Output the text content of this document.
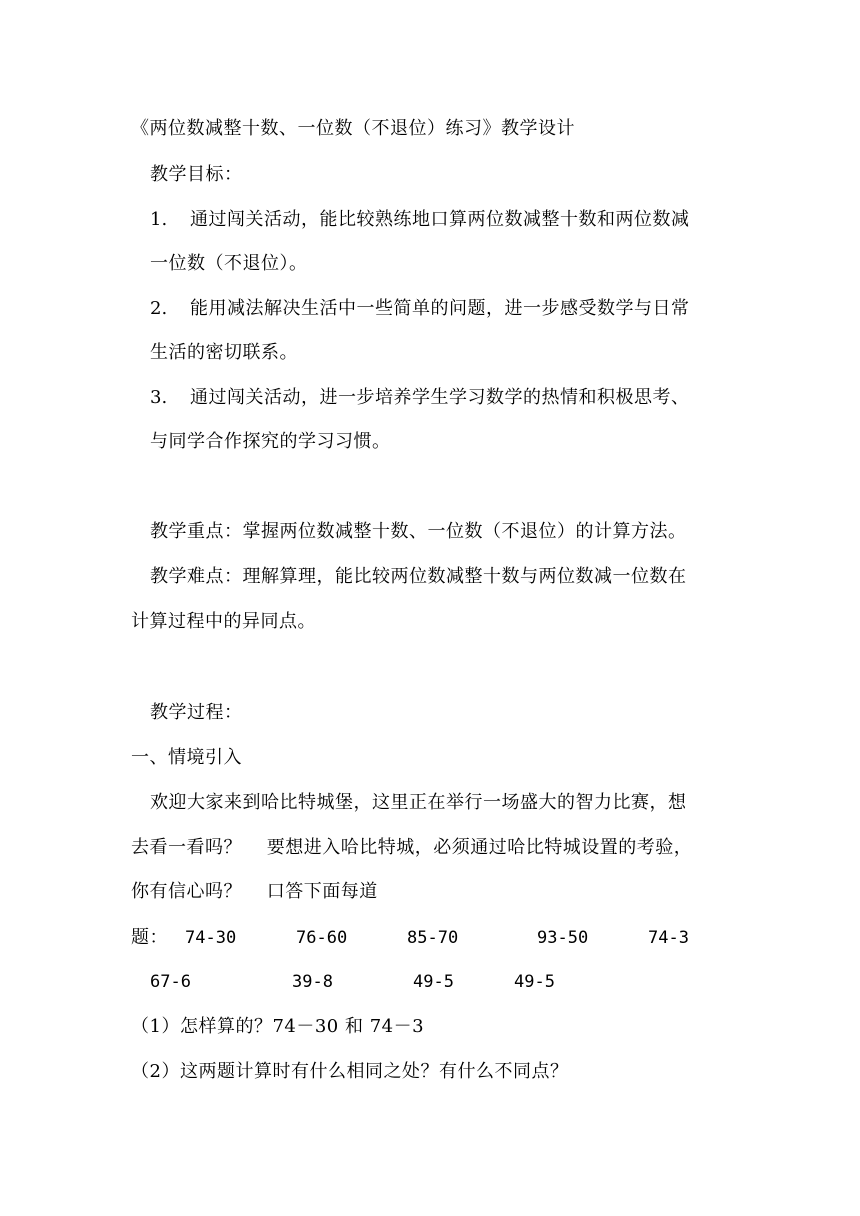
《两位数减整十数、一位数（不退位）练习》教学设计
教学目标：
1. 通过闯关活动，能比较熟练地口算两位数减整十数和两位数减
一位数（不退位）。
2. 能用减法解决生活中一些简单的问题，进一步感受数学与日常
生活的密切联系。
3. 通过闯关活动，进一步培养学生学习数学的热情和积极思考、
与同学合作探究的学习习惯。
教学重点：掌握两位数减整十数、一位数（不退位）的计算方法。
教学难点：理解算理，能比较两位数减整十数与两位数减一位数在
计算过程中的异同点。
教学过程：
一、情境引入
欢迎大家来到哈比特城堡，这里正在举行一场盛大的智力比赛，想
去看一看吗？　 要想进入哈比特城，必须通过哈比特城设置的考验，
你有信心吗？　 口答下面每道
题： 74-30	76-60	85-70	93-50	74-3
67-6	39-8	49-5	49-5
（1）怎样算的？74－30 和 74－3
（2）这两题计算时有什么相同之处？有什么不同点？
